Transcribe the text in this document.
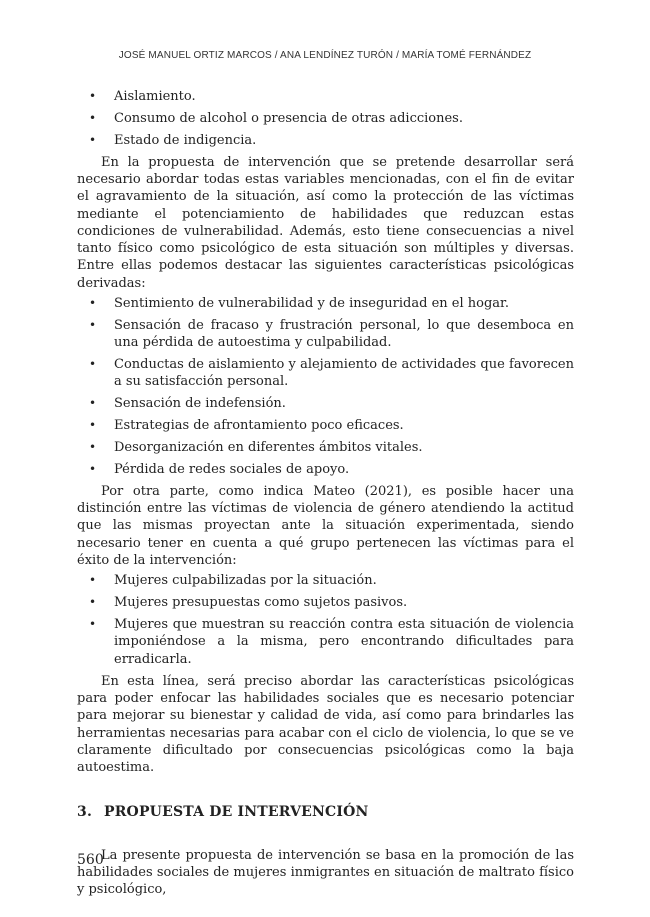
JOSÉ MANUEL ORTIZ MARCOS / ANA LENDÍNEZ TURÓN / MARÍA TOMÉ FERNÁNDEZ
• Aislamiento.
• Consumo de alcohol o presencia de otras adicciones.
• Estado de indigencia.

En la propuesta de intervención que se pretende desarrollar será necesario abordar todas estas variables mencionadas, con el fin de evitar el agravamiento de la situación, así como la protección de las víctimas mediante el potenciamiento de habilidades que reduzcan estas condiciones de vulnerabilidad. Además, esto tiene consecuencias a nivel tanto físico como psicológico de esta situación son múltiples y diversas. Entre ellas podemos destacar las siguientes características psicológicas derivadas:

• Sentimiento de vulnerabilidad y de inseguridad en el hogar.
• Sensación de fracaso y frustración personal, lo que desemboca en una pérdida de autoestima y culpabilidad.
• Conductas de aislamiento y alejamiento de actividades que favorecen a su satisfacción personal.
• Sensación de indefensión.
• Estrategias de afrontamiento poco eficaces.
• Desorganización en diferentes ámbitos vitales.
• Pérdida de redes sociales de apoyo.

Por otra parte, como indica Mateo (2021), es posible hacer una distinción entre las víctimas de violencia de género atendiendo la actitud que las mismas proyectan ante la situación experimentada, siendo necesario tener en cuenta a qué grupo pertenecen las víctimas para el éxito de la intervención:

• Mujeres culpabilizadas por la situación.
• Mujeres presupuestas como sujetos pasivos.
• Mujeres que muestran su reacción contra esta situación de violencia imponiéndose a la misma, pero encontrando dificultades para erradicarla.

En esta línea, será preciso abordar las características psicológicas para poder enfocar las habilidades sociales que es necesario potenciar para mejorar su bienestar y calidad de vida, así como para brindarles las herramientas necesarias para acabar con el ciclo de violencia, lo que se ve claramente dificultado por consecuencias psicológicas como la baja autoestima.

3. PROPUESTA DE INTERVENCIÓN

La presente propuesta de intervención se basa en la promoción de las habilidades sociales de mujeres inmigrantes en situación de maltrato físico y psicológico,

560
